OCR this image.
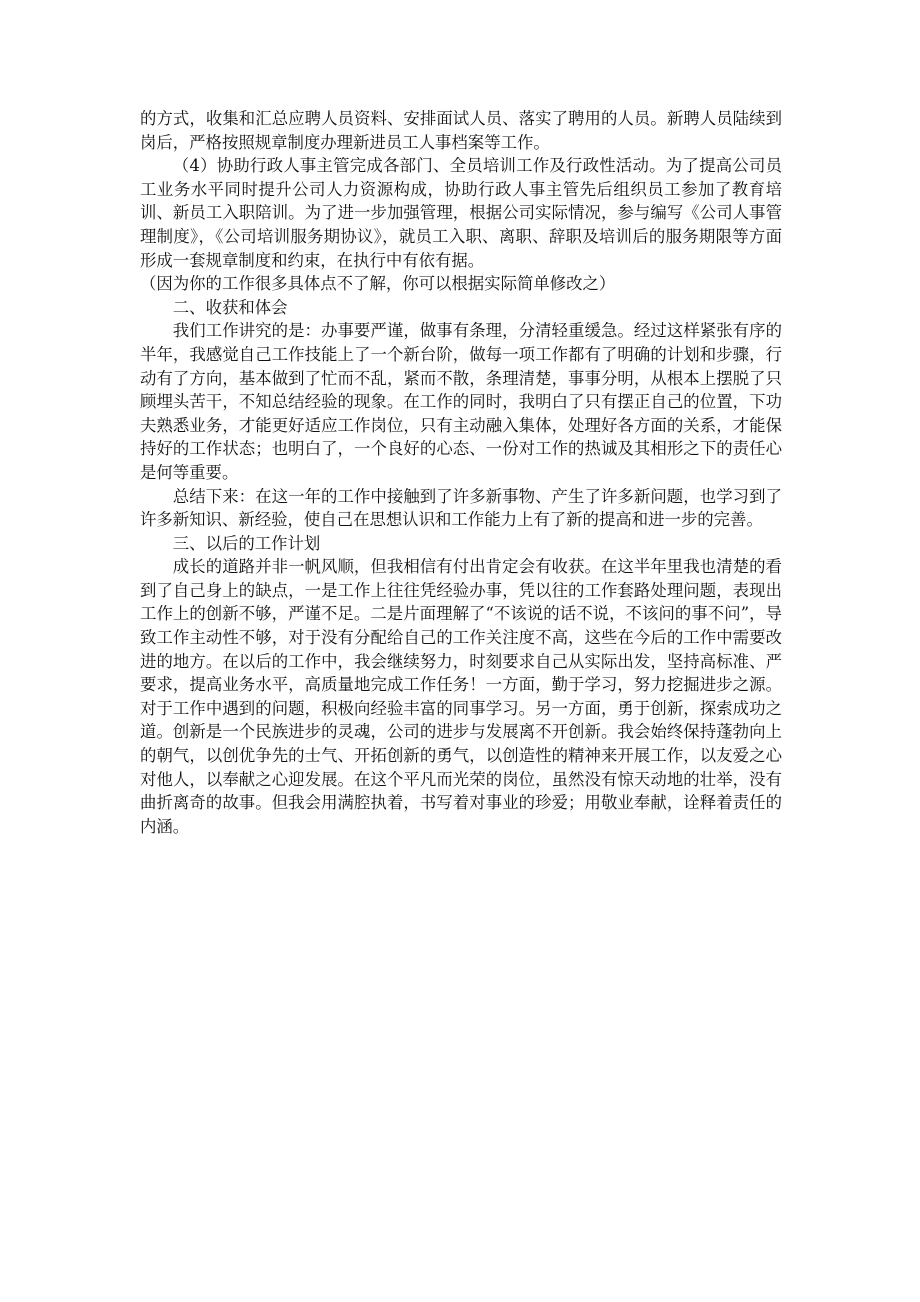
的方式，收集和汇总应聘人员资料、安排面试人员、落实了聘用的人员。新聘人员陆续到岗后，严格按照规章制度办理新进员工人事档案等工作。

（4）协助行政人事主管完成各部门、全员培训工作及行政性活动。为了提高公司员工业务水平同时提升公司人力资源构成，协助行政人事主管先后组织员工参加了教育培训、新员工入职陪训。为了进一步加强管理，根据公司实际情况，参与编写《公司人事管理制度》，《公司培训服务期协议》，就员工入职、离职、辞职及培训后的服务期限等方面形成一套规章制度和约束，在执行中有依有据。

（因为你的工作很多具体点不了解，你可以根据实际简单修改之）

二、收获和体会

我们工作讲究的是：办事要严谨，做事有条理，分清轻重缓急。经过这样紧张有序的半年，我感觉自己工作技能上了一个新台阶，做每一项工作都有了明确的计划和步骤，行动有了方向，基本做到了忙而不乱，紧而不散，条理清楚，事事分明，从根本上摆脱了只顾埋头苦干，不知总结经验的现象。在工作的同时，我明白了只有摆正自己的位置，下功夫熟悉业务，才能更好适应工作岗位，只有主动融入集体，处理好各方面的关系，才能保持好的工作状态；也明白了，一个良好的心态、一份对工作的热诚及其相形之下的责任心是何等重要。

总结下来：在这一年的工作中接触到了许多新事物、产生了许多新问题，也学习到了许多新知识、新经验，使自己在思想认识和工作能力上有了新的提高和进一步的完善。

三、以后的工作计划

成长的道路并非一帆风顺，但我相信有付出肯定会有收获。在这半年里我也清楚的看到了自己身上的缺点，一是工作上往往凭经验办事，凭以往的工作套路处理问题，表现出工作上的创新不够，严谨不足。二是片面理解了“不该说的话不说，不该问的事不问”，导致工作主动性不够，对于没有分配给自己的工作关注度不高，这些在今后的工作中需要改进的地方。在以后的工作中，我会继续努力，时刻要求自己从实际出发，坚持高标准、严要求，提高业务水平，高质量地完成工作任务！一方面，勤于学习，努力挖掘进步之源。对于工作中遇到的问题，积极向经验丰富的同事学习。另一方面，勇于创新，探索成功之道。创新是一个民族进步的灵魂，公司的进步与发展离不开创新。我会始终保持蓬勃向上的朝气，以创优争先的士气、开拓创新的勇气，以创造性的精神来开展工作，以友爱之心对他人，以奉献之心迎发展。在这个平凡而光荣的岗位，虽然没有惊天动地的壮举，没有曲折离奇的故事。但我会用满腔执着，书写着对事业的珍爱；用敬业奉献，诠释着责任的内涵。
